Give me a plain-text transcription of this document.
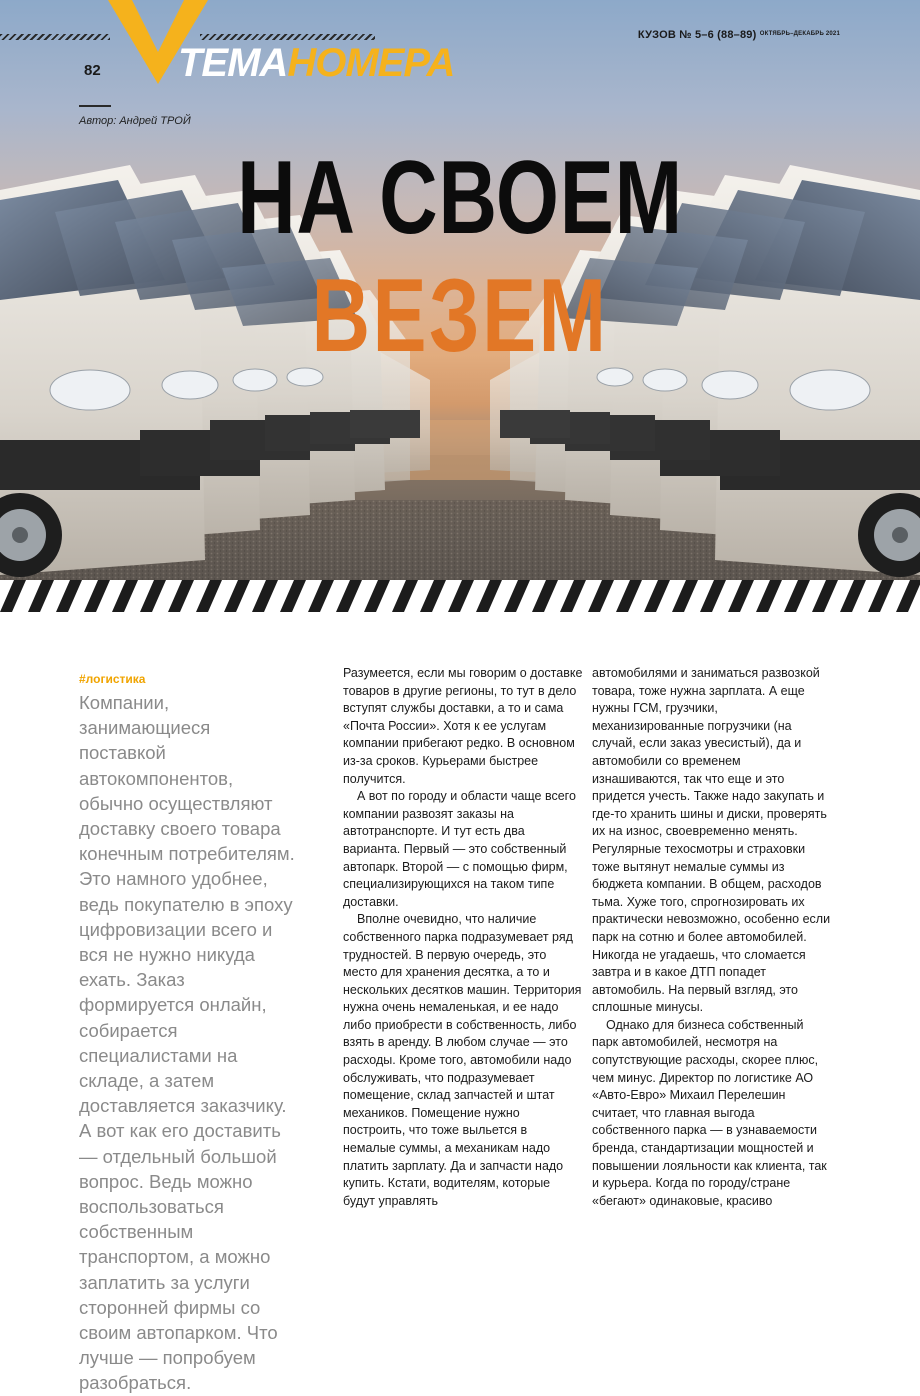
ТЕМАНОМЕРА
82
КУЗОВ № 5–6 (88–89) $^{ОКТЯБРЬ-ДЕКАБРЬ 2021}$
Автор: Андрей ТРОЙ
НА СВОЕМ
ВЕЗЕМ
#логистика

Компании, занимающиеся поставкой автокомпонентов, обычно осуществляют доставку своего товара конечным потребителям. Это намного удобнее, ведь покупателю в эпоху цифровизации всего и вся не нужно никуда ехать. Заказ формируется онлайн, собирается специалистами на складе, а затем доставляется заказчику. А вот как его доставить — отдельный большой вопрос. Ведь можно воспользоваться собственным транспортом, а можно заплатить за услуги сторонней фирмы со своим автопарком. Что лучше — попробуем разобраться.

Разумеется, если мы говорим о доставке товаров в другие регионы, то тут в дело вступят службы доставки, а то и сама «Почта России». Хотя к ее услугам компании прибегают редко. В основном из-за сроков. Курьерами быстрее получится.

А вот по городу и области чаще всего компании развозят заказы на автотранспорте. И тут есть два варианта. Первый — это собственный автопарк. Второй — с помощью фирм, специализирующихся на таком типе доставки.

Вполне очевидно, что наличие собственного парка подразумевает ряд трудностей. В первую очередь, это место для хранения десятка, а то и нескольких десятков машин. Территория нужна очень немаленькая, и ее надо либо приобрести в собственность, либо взять в аренду. В любом случае — это расходы. Кроме того, автомобили надо обслуживать, что подразумевает помещение, склад запчастей и штат механиков. Помещение нужно построить, что тоже выльется в немалые суммы, а механикам надо платить зарплату. Да и запчасти надо купить. Кстати, водителям, которые будут управлять

автомобилями и заниматься развозкой товара, тоже нужна зарплата. А еще нужны ГСМ, грузчики, механизированные погрузчики (на случай, если заказ увесистый), да и автомобили со временем изнашиваются, так что еще и это придется учесть. Также надо закупать и где-то хранить шины и диски, проверять их на износ, своевременно менять. Регулярные техосмотры и страховки тоже вытянут немалые суммы из бюджета компании. В общем, расходов тьма. Хуже того, спрогнозировать их практически невозможно, особенно если парк на сотню и более автомобилей. Никогда не угадаешь, что сломается завтра и в какое ДТП попадет автомобиль. На первый взгляд, это сплошные минусы.

Однако для бизнеса собственный парк автомобилей, несмотря на сопутствующие расходы, скорее плюс, чем минус. Директор по логистике АО «Авто-Евро» Михаил Перелешин считает, что главная выгода собственного парка — в узнаваемости бренда, стандартизации мощностей и повышении лояльности как клиента, так и курьера. Когда по городу/стране «бегают» одинаковые, красиво
